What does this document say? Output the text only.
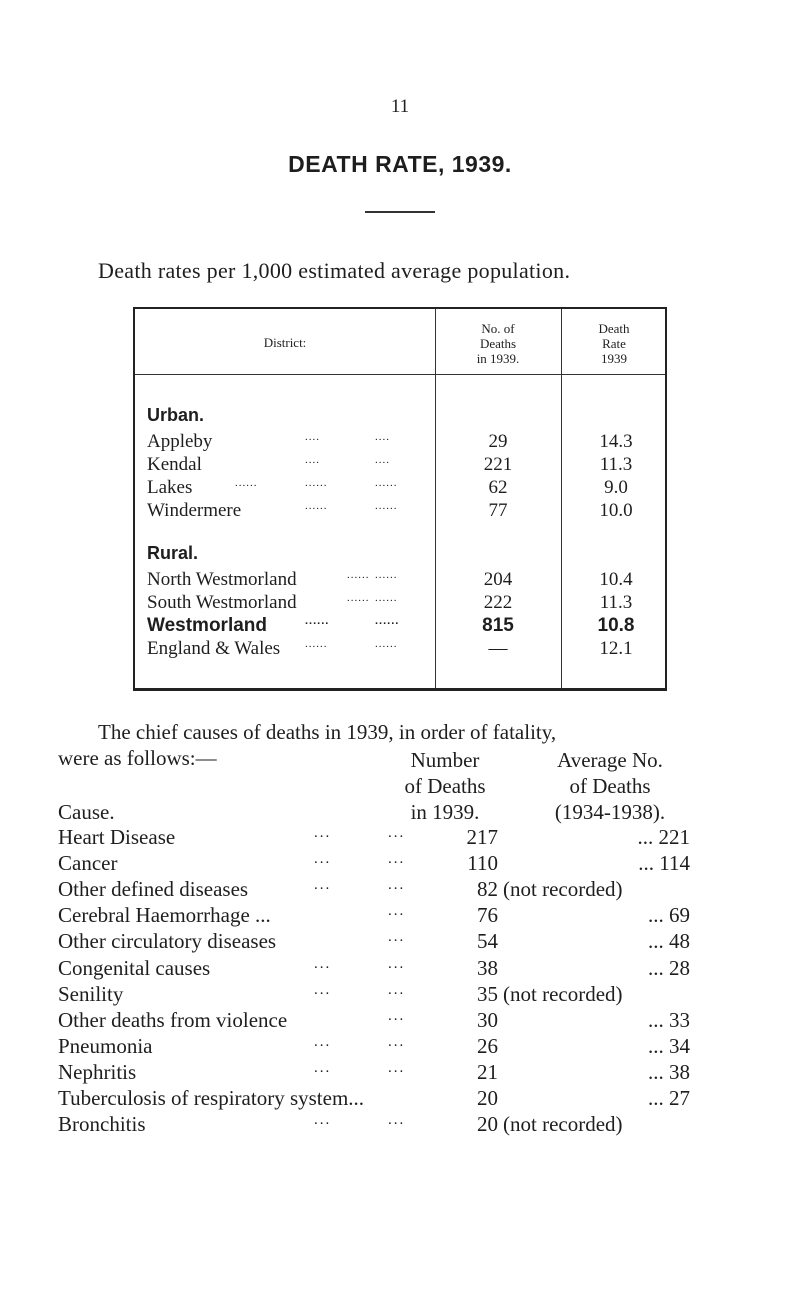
11
DEATH RATE, 1939.
Death rates per 1,000 estimated average population.
District:
No. of
Deaths
in 1939.
Death
Rate
1939
Urban.
Appleby	....	....	29	14.3
Kendal	....	....	221	11.3
Lakes	......	......	......	62	9.0
Windermere	......	......	77	10.0
Rural.
North Westmorland	...... ......	204	10.4
South Westmorland	...... ......	222	11.3
Westmorland	......	......	815	10.8
England & Wales ......	......	—	12.1
The chief causes of deaths in 1939, in order of fatality,
were as follows:—
Cause.
Number
of Deaths
in 1939.
Average No.
of Deaths
(1934-1938).
Heart Disease	...	...	217	... 221
Cancer	...	...	110	... 114
Other defined diseases	...	...	82 (not recorded)
Cerebral Haemorrhage ...	...	76	... 69
Other circulatory diseases	...	54	... 48
Congenital causes	...	...	38	... 28
Senility	...	...	35 (not recorded)
Other deaths from violence	...	30	... 33
Pneumonia	...	...	26	... 34
Nephritis	...	...	21	... 38
Tuberculosis of respiratory system...	20	... 27
Bronchitis	...	...	20 (not recorded)
